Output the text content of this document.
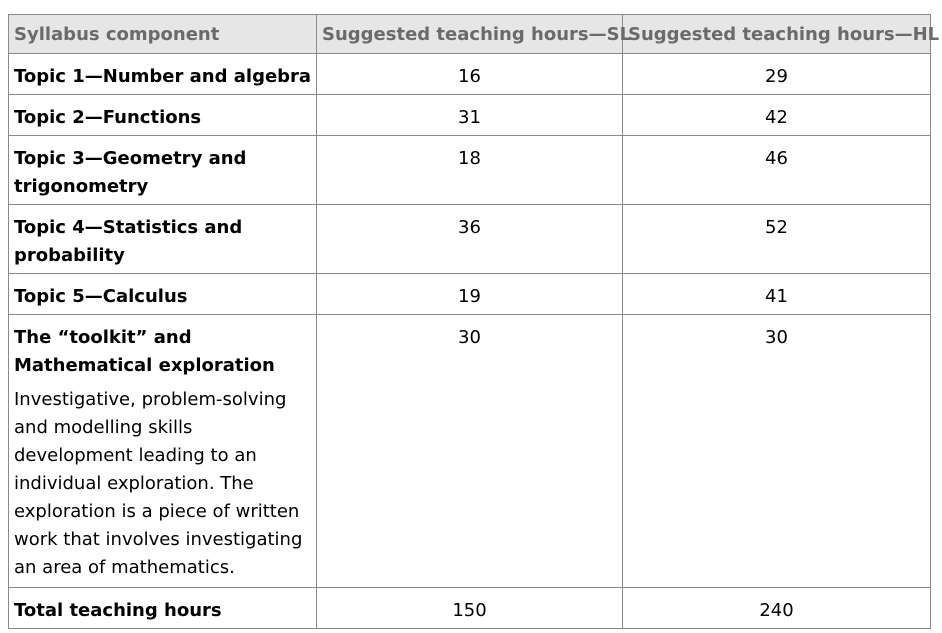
Syllabus component	Suggested teaching hours—SL	Suggested teaching hours—HL
Topic 1—Number and algebra	16	29
Topic 2—Functions	31	42
Topic 3—Geometry and trigonometry	18	46
Topic 4—Statistics and probability	36	52
Topic 5—Calculus	19	41

The “toolkit” and Mathematical exploration
Investigative, problem-solving and modelling skills development leading to an individual exploration. The exploration is a piece of written work that involves investigating an area of mathematics.	30	30
Total teaching hours	150	240
